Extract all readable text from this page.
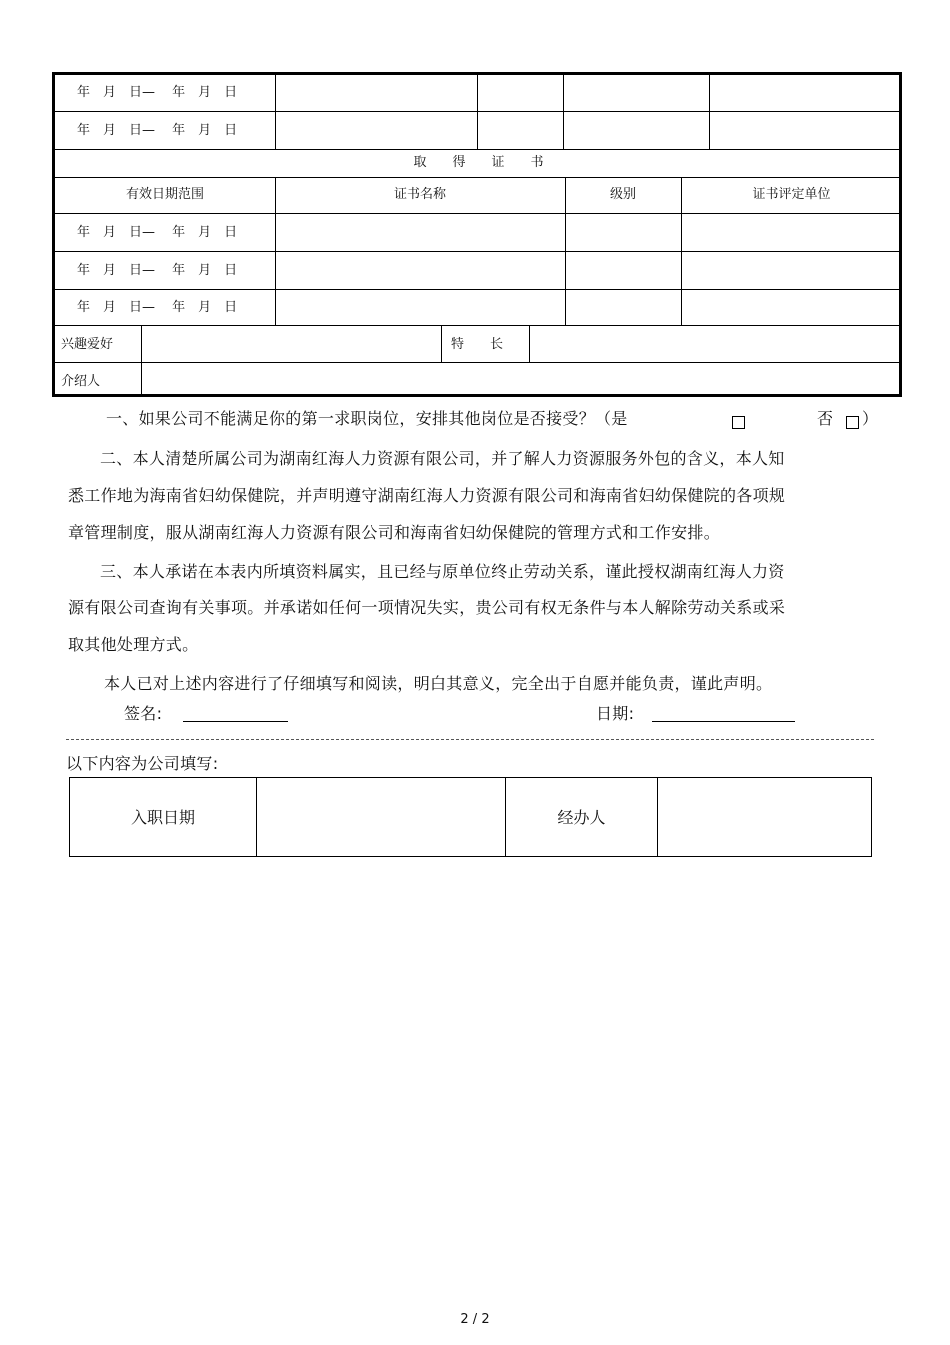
年　月　日—　 年　月　日
年　月　日—　 年　月　日
取　　得　　证　　书
有效日期范围	证书名称	级别	证书评定单位
年　月　日—　 年　月　日
年　月　日—　 年　月　日
年　月　日—　 年　月　日
兴趣爱好	特　　长
介绍人
一、如果公司不能满足你的第一求职岗位，安排其他岗位是否接受？（是	否 ）
二、本人清楚所属公司为湖南红海人力资源有限公司，并了解人力资源服务外包的含义，本人知
悉工作地为海南省妇幼保健院，并声明遵守湖南红海人力资源有限公司和海南省妇幼保健院的各项规
章管理制度，服从湖南红海人力资源有限公司和海南省妇幼保健院的管理方式和工作安排。
三、本人承诺在本表内所填资料属实，且已经与原单位终止劳动关系，谨此授权湖南红海人力资
源有限公司查询有关事项。并承诺如任何一项情况失实，贵公司有权无条件与本人解除劳动关系或采
取其他处理方式。
本人已对上述内容进行了仔细填写和阅读，明白其意义，完全出于自愿并能负责，谨此声明。
签名:	日期:
以下内容为公司填写:
入职日期	经办人
2 / 2
